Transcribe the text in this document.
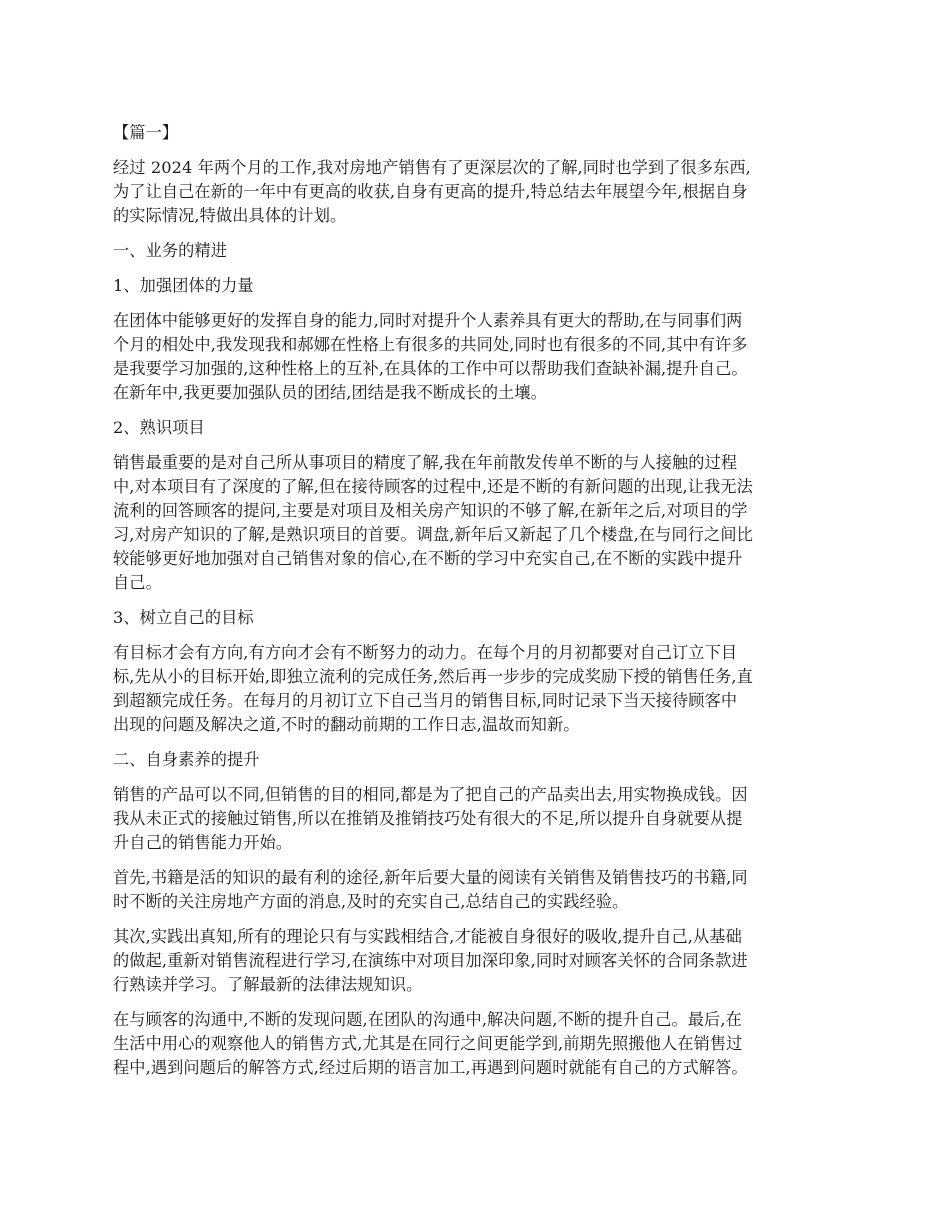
【篇一】
经过 2024 年两个月的工作,我对房地产销售有了更深层次的了解,同时也学到了很多东西,
为了让自己在新的一年中有更高的收获,自身有更高的提升,特总结去年展望今年,根据自身
的实际情况,特做出具体的计划。
一、业务的精进
1、加强团体的力量
在团体中能够更好的发挥自身的能力,同时对提升个人素养具有更大的帮助,在与同事们两
个月的相处中,我发现我和郝娜在性格上有很多的共同处,同时也有很多的不同,其中有许多
是我要学习加强的,这种性格上的互补,在具体的工作中可以帮助我们查缺补漏,提升自己。
在新年中,我更要加强队员的团结,团结是我不断成长的土壤。
2、熟识项目
销售最重要的是对自己所从事项目的精度了解,我在年前散发传单不断的与人接触的过程
中,对本项目有了深度的了解,但在接待顾客的过程中,还是不断的有新问题的出现,让我无法
流利的回答顾客的提问,主要是对项目及相关房产知识的不够了解,在新年之后,对项目的学
习,对房产知识的了解,是熟识项目的首要。调盘,新年后又新起了几个楼盘,在与同行之间比
较能够更好地加强对自己销售对象的信心,在不断的学习中充实自己,在不断的实践中提升
自己。
3、树立自己的目标
有目标才会有方向,有方向才会有不断努力的动力。在每个月的月初都要对自己订立下目
标,先从小的目标开始,即独立流利的完成任务,然后再一步步的完成奖励下授的销售任务,直
到超额完成任务。在每月的月初订立下自己当月的销售目标,同时记录下当天接待顾客中
出现的问题及解决之道,不时的翻动前期的工作日志,温故而知新。
二、自身素养的提升
销售的产品可以不同,但销售的目的相同,都是为了把自己的产品卖出去,用实物换成钱。因
我从未正式的接触过销售,所以在推销及推销技巧处有很大的不足,所以提升自身就要从提
升自己的销售能力开始。
首先,书籍是活的知识的最有利的途径,新年后要大量的阅读有关销售及销售技巧的书籍,同
时不断的关注房地产方面的消息,及时的充实自己,总结自己的实践经验。
其次,实践出真知,所有的理论只有与实践相结合,才能被自身很好的吸收,提升自己,从基础
的做起,重新对销售流程进行学习,在演练中对项目加深印象,同时对顾客关怀的合同条款进
行熟读并学习。了解最新的法律法规知识。
在与顾客的沟通中,不断的发现问题,在团队的沟通中,解决问题,不断的提升自己。最后,在
生活中用心的观察他人的销售方式,尤其是在同行之间更能学到,前期先照搬他人在销售过
程中,遇到问题后的解答方式,经过后期的语言加工,再遇到问题时就能有自己的方式解答。
